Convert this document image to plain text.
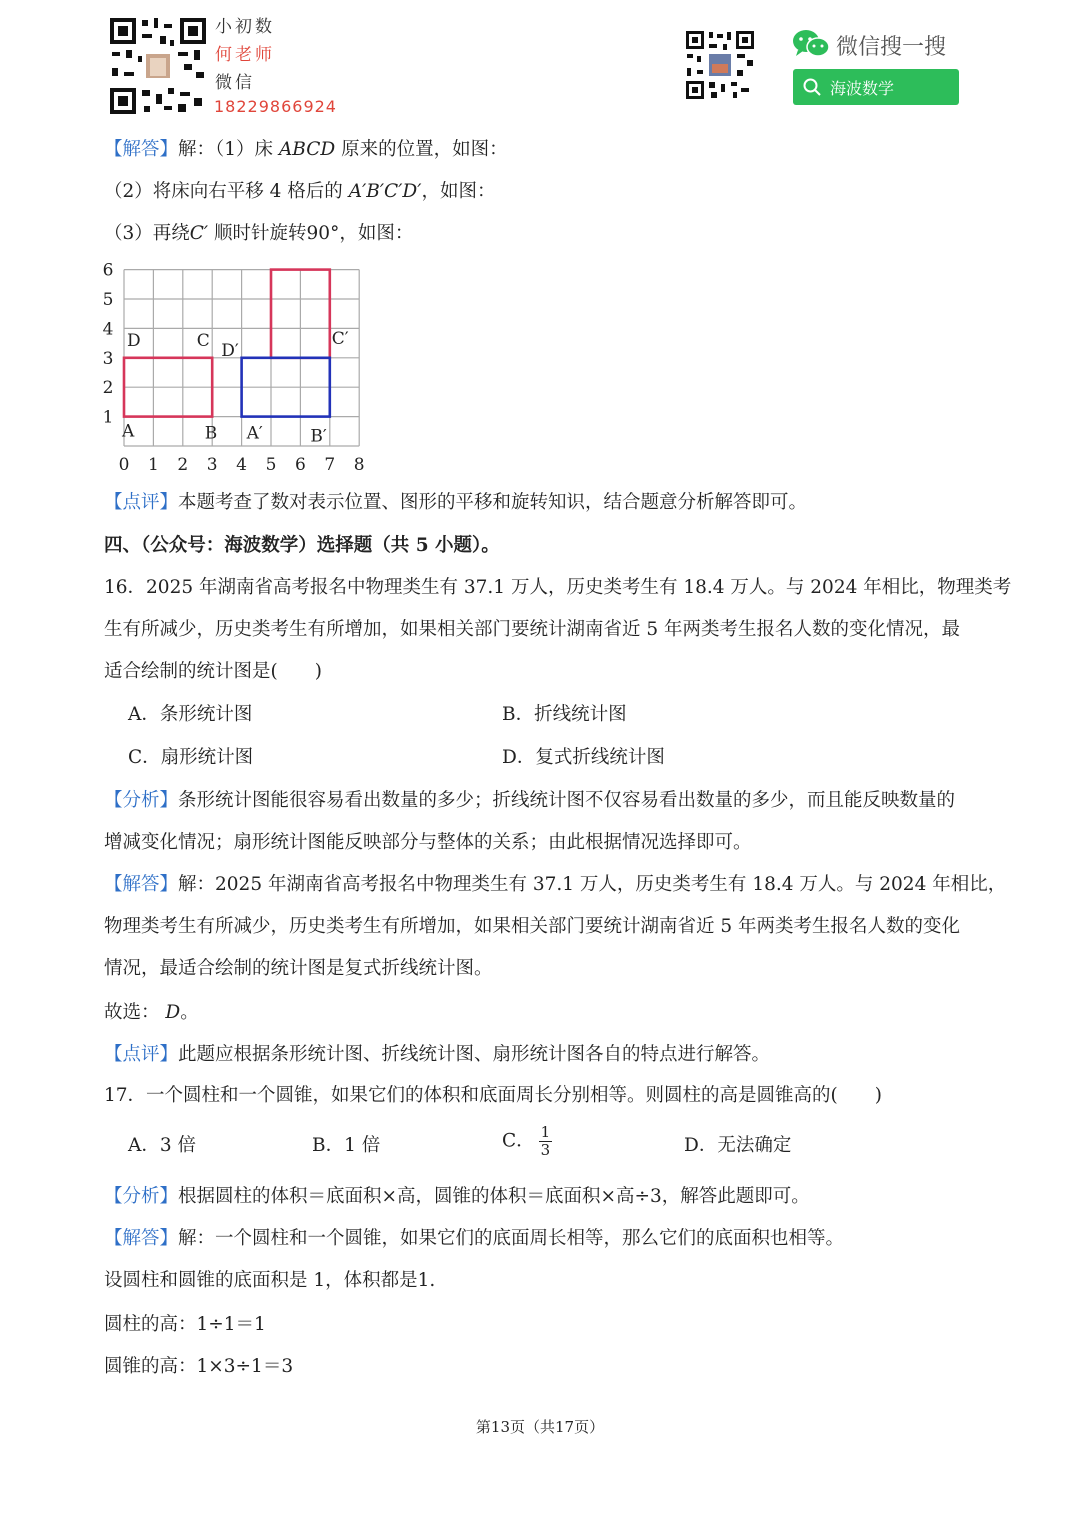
小初数
何老师
微信
18229866924
微信搜一搜
海波数学
【解答】解：（1）床 ABCD 原来的位置，如图：
（2）将床向右平移 4 格后的 A′B′C′D′，如图：
（3）再绕C′ 顺时针旋转90°，如图：
0 1 2 3 4 5 6 7 8
1
2
3
4
5
6
D	C
A	B
D′
C′
A′	B′
【点评】本题考查了数对表示位置、图形的平移和旋转知识，结合题意分析解答即可。
四、（公众号：海波数学）选择题（共 5 小题）。
16．2025 年湖南省高考报名中物理类生有 37.1 万人，历史类考生有 18.4 万人。与 2024 年相比，物理类考
生有所减少，历史类考生有所增加，如果相关部门要统计湖南省近 5 年两类考生报名人数的变化情况，最
适合绘制的统计图是(　　)
A．条形统计图	B．折线统计图
C．扇形统计图	D．复式折线统计图
【分析】条形统计图能很容易看出数量的多少；折线统计图不仅容易看出数量的多少，而且能反映数量的
增减变化情况；扇形统计图能反映部分与整体的关系；由此根据情况选择即可。
【解答】解：2025 年湖南省高考报名中物理类生有 37.1 万人，历史类考生有 18.4 万人。与 2024 年相比，
物理类考生有所减少，历史类考生有所增加，如果相关部门要统计湖南省近 5 年两类考生报名人数的变化
情况，最适合绘制的统计图是复式折线统计图。
故选： D。
【点评】此题应根据条形统计图、折线统计图、扇形统计图各自的特点进行解答。
17．一个圆柱和一个圆锥，如果它们的体积和底面周长分别相等。则圆柱的高是圆锥高的(　　)
A．3 倍	B．1 倍	C． $\frac{1}{3}$	D．无法确定
【分析】根据圆柱的体积＝底面积×高，圆锥的体积＝底面积×高÷3，解答此题即可。
【解答】解：一个圆柱和一个圆锥，如果它们的底面周长相等，那么它们的底面积也相等。
设圆柱和圆锥的底面积是 1，体积都是1.
圆柱的高：1÷1＝1
圆锥的高：1×3÷1＝3
第13页（共17页）
